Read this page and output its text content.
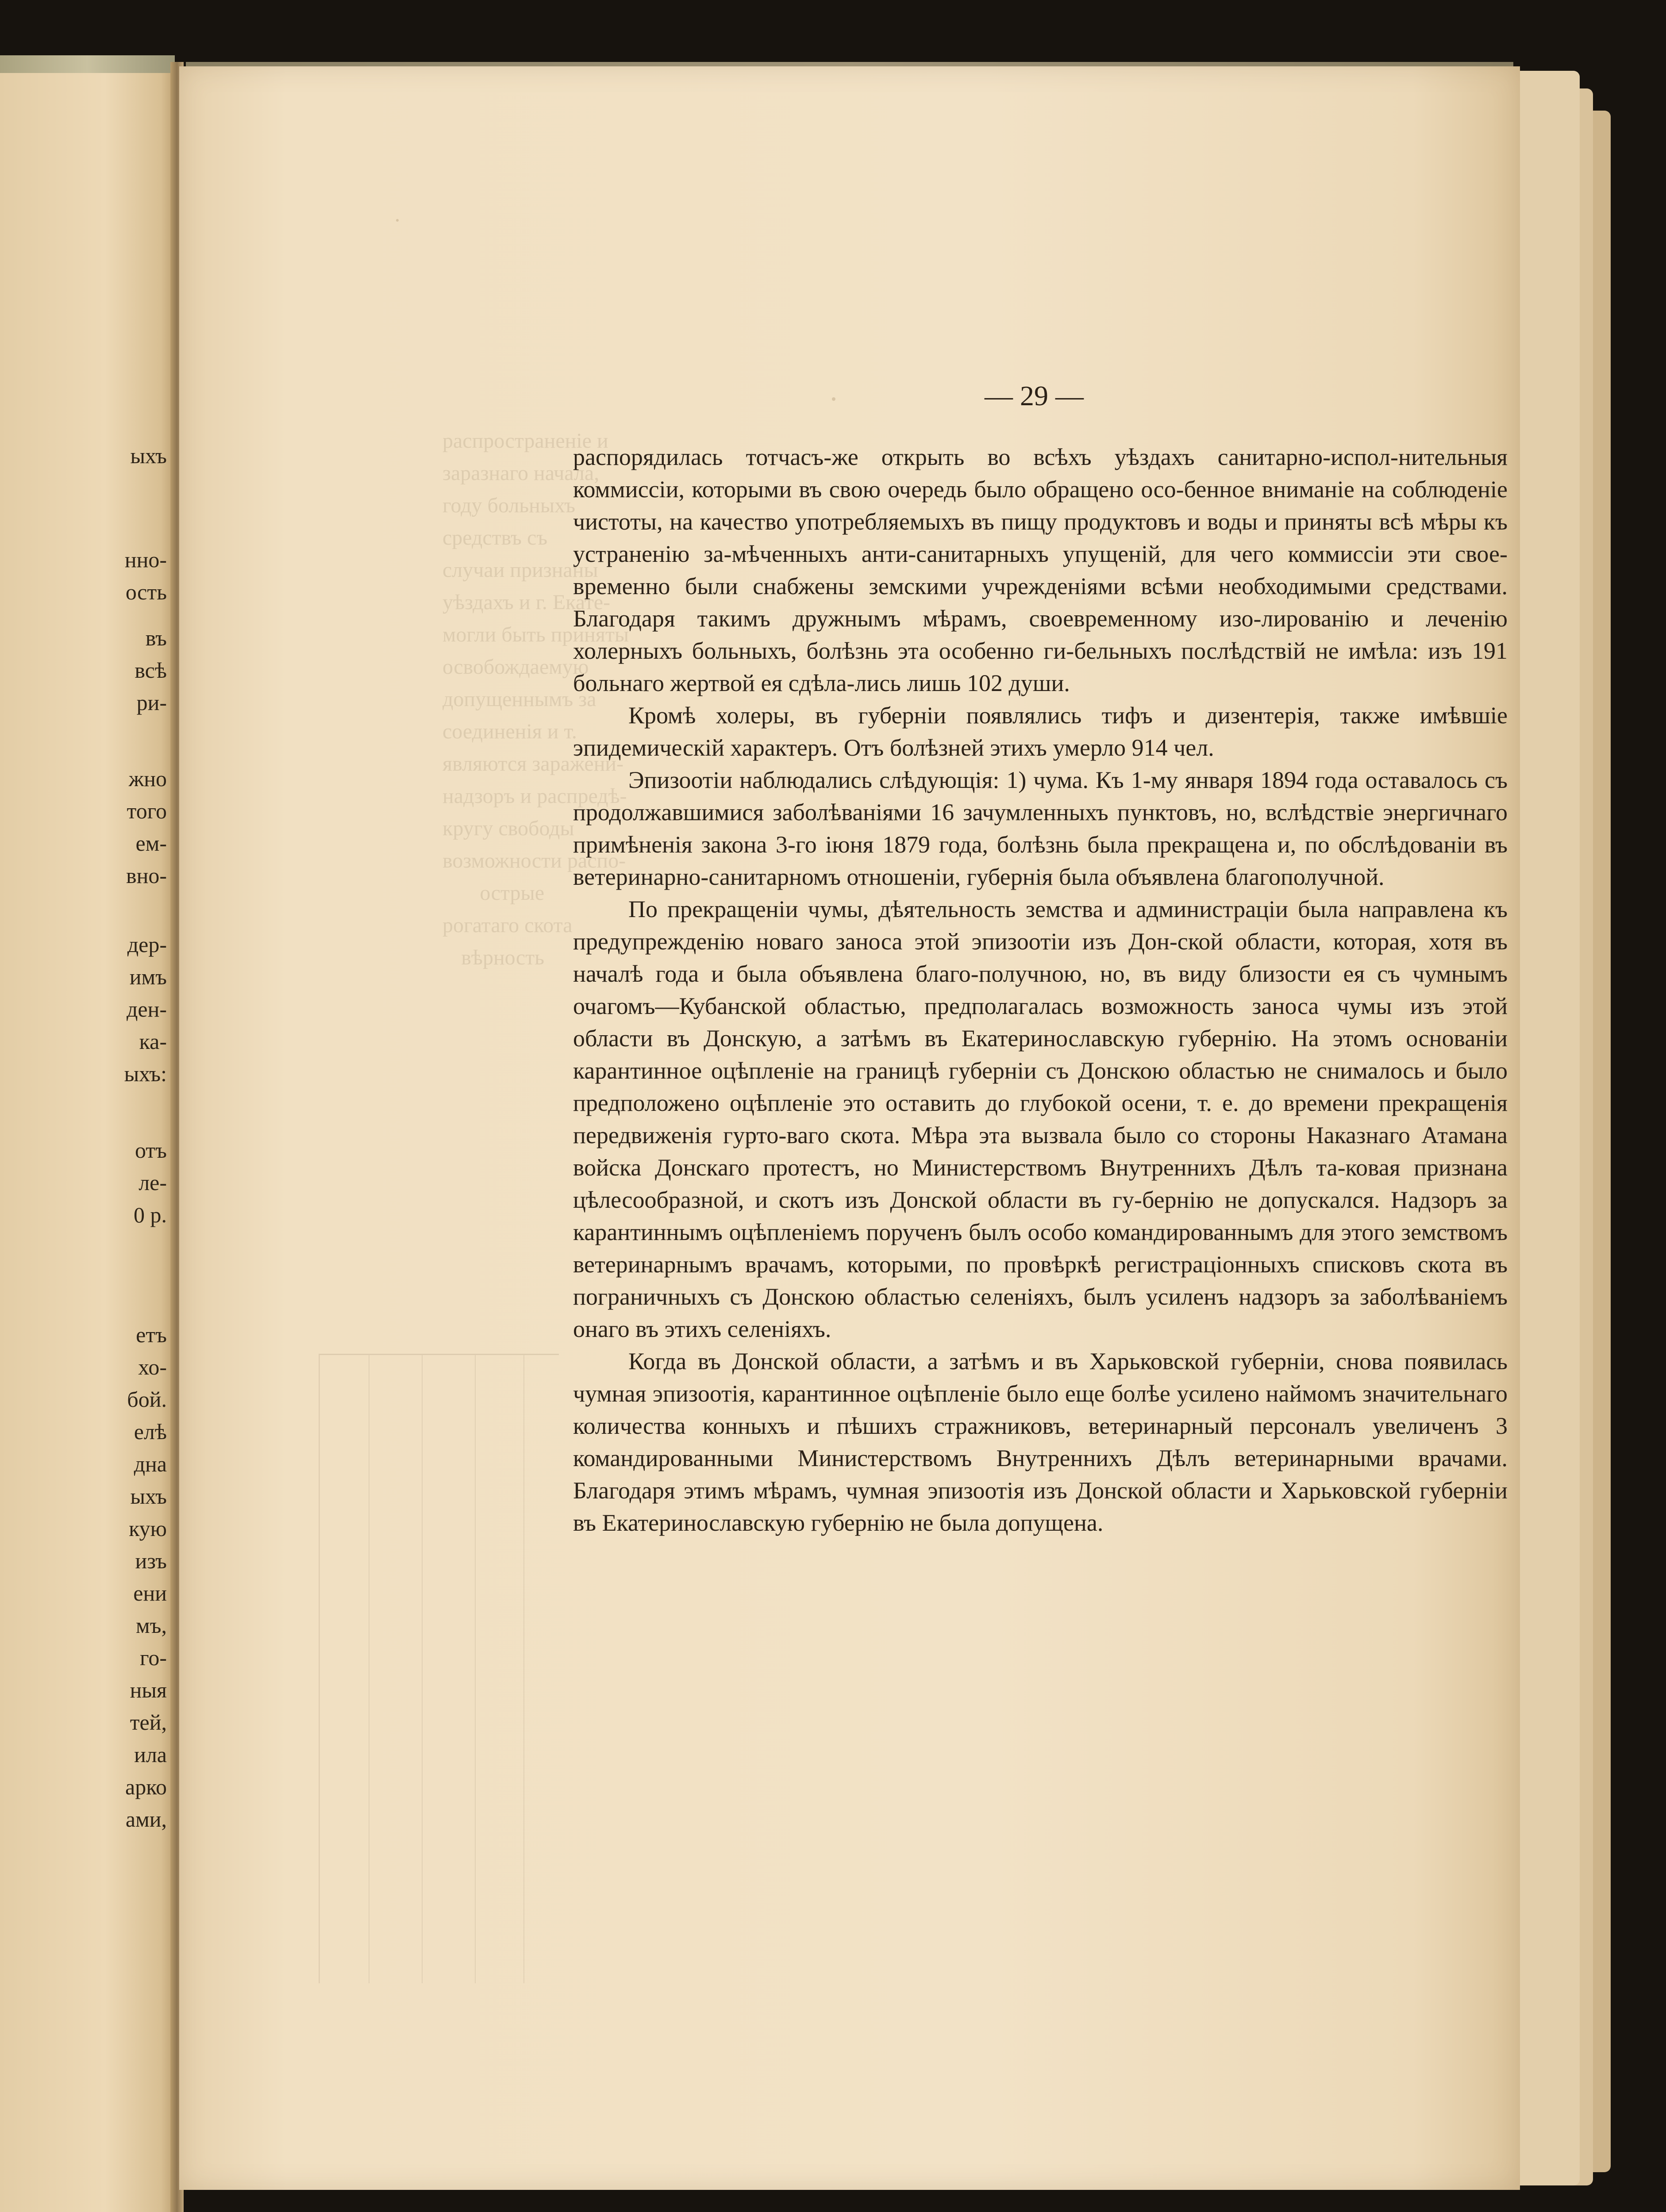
ыхъ
нно-
ость
въ
всѣ
ри-
жно
того
ем-
вно-
дер-
имъ
ден-
ка-
ыхъ:
отъ
ле-
0 р.
етъ
хо-
бой.
елѣ
дна
ыхъ
кую
изъ
ени
мъ,
го-
ныя
тей,
ила
арко
ами,
распространеніе и
заразнаго начала,
году больныхъ
средствъ съ
случаи признаны
уѣздахъ и г. Екате-
могли быть приняты
освобождаемую
допущеннымъ за
соединенія и т.
являются заражени-
надзоръ и распредѣ-
кругу свободы
возможности распо-
острые
рогатаго скота
вѣрность
— 29 —

распорядилась тотчасъ-же открыть во всѣхъ уѣздахъ санитарно-испол-нительныя коммиссіи, которыми въ свою очередь было обращено осо-бенное вниманіе на соблюденіе чистоты, на качество употребляемыхъ въ пищу продуктовъ и воды и приняты всѣ мѣры къ устраненію за-мѣченныхъ анти-санитарныхъ упущеній, для чего коммиссіи эти свое-временно были снабжены земскими учрежденіями всѣми необходимыми средствами. Благодаря такимъ дружнымъ мѣрамъ, своевременному изо-лированію и леченію холерныхъ больныхъ, болѣзнь эта особенно ги-бельныхъ послѣдствій не имѣла: изъ 191 больнаго жертвой ея сдѣла-лись лишь 102 души.

Кромѣ холеры, въ губерніи появлялись тифъ и дизентерія, также имѣвшіе эпидемическій характеръ. Отъ болѣзней этихъ умерло 914 чел.

Эпизоотіи наблюдались слѣдующія: 1) чума. Къ 1-му января 1894 года оставалось съ продолжавшимися заболѣваніями 16 зачумленныхъ пунктовъ, но, вслѣдствіе энергичнаго примѣненія закона 3-го іюня 1879 года, болѣзнь была прекращена и, по обслѣдованіи въ ветеринарно-санитарномъ отношеніи, губернія была объявлена благополучной.

По прекращеніи чумы, дѣятельность земства и администраціи была направлена къ предупрежденію новаго заноса этой эпизоотіи изъ Дон-ской области, которая, хотя въ началѣ года и была объявлена благо-получною, но, въ виду близости ея съ чумнымъ очагомъ—Кубанской областью, предполагалась возможность заноса чумы изъ этой области въ Донскую, а затѣмъ въ Екатеринославскую губернію. На этомъ основаніи карантинное оцѣпленіе на границѣ губерніи съ Донскою областью не снималось и было предположено оцѣпленіе это оставить до глубокой осени, т. е. до времени прекращенія передвиженія гурто-ваго скота. Мѣра эта вызвала было со стороны Наказнаго Атамана войска Донскаго протестъ, но Министерствомъ Внутреннихъ Дѣлъ та-ковая признана цѣлесообразной, и скотъ изъ Донской области въ гу-бернію не допускался. Надзоръ за карантиннымъ оцѣпленіемъ порученъ былъ особо командированнымъ для этого земствомъ ветеринарнымъ врачамъ, которыми, по провѣркѣ регистраціонныхъ списковъ скота въ пограничныхъ съ Донскою областью селеніяхъ, былъ усиленъ надзоръ за заболѣваніемъ онаго въ этихъ селеніяхъ.

Когда въ Донской области, а затѣмъ и въ Харьковской губерніи, снова появилась чумная эпизоотія, карантинное оцѣпленіе было еще болѣе усилено наймомъ значительнаго количества конныхъ и пѣшихъ стражниковъ, ветеринарный персоналъ увеличенъ 3 командированными Министерствомъ Внутреннихъ Дѣлъ ветеринарными врачами. Благодаря этимъ мѣрамъ, чумная эпизоотія изъ Донской области и Харьковской губерніи въ Екатеринославскую губернію не была допущена.
